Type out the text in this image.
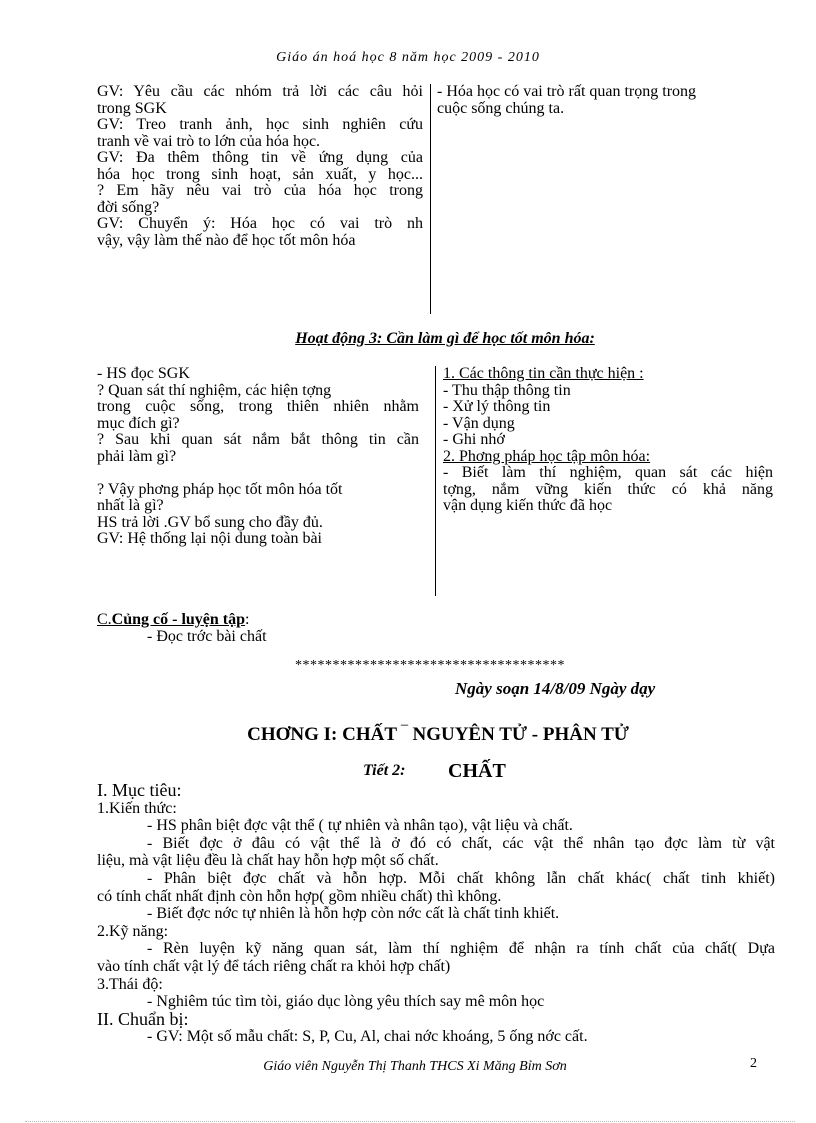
Giáo án hoá học 8 năm học 2009 - 2010
GV: Yêu cầu các nhóm trả lời các câu hỏi
trong SGK
GV: Treo tranh ảnh, học sinh nghiên cứu
tranh về vai trò to lớn của hóa học.
GV: Đa thêm thông tin về ứng dụng của
hóa học trong sinh hoạt, sản xuất, y học...
? Em hãy nêu vai trò của hóa học trong
đời sống?
GV: Chuyển ý: Hóa học có vai trò nh
vậy, vậy làm thế nào để học tốt môn hóa
- Hóa học có vai trò rất quan trọng trong
cuộc sống chúng ta.
Hoạt động 3: Cần làm gì để học tốt môn hóa:
- HS đọc SGK
? Quan sát thí nghiệm, các hiện tợng
trong cuộc sống, trong thiên nhiên nhằm
mục đích gì?
? Sau khi quan sát nắm bắt thông tin cần
phải làm gì?
? Vậy phơng pháp học tốt môn hóa tốt
nhất là gì?
HS trả lời .GV bổ sung cho đầy đủ.
GV: Hệ thống lại nội dung toàn bài
1. Các thông tin cần thực hiện :
- Thu thập thông tin
- Xử lý thông tin
- Vận dụng
- Ghi nhớ
2. Phơng pháp học tập môn hóa:
- Biết làm thí nghiệm, quan sát các hiện
tợng, nắm vững kiến thức có khả năng
vận dụng kiến thức đã học
C.Củng cố - luyện tập:
- Đọc trớc bài chất
************************************
Ngày soạn 14/8/09 Ngày dạy
CHƠNG I: CHẤT ‾ NGUYÊN TỬ - PHÂN TỬ
Tiết 2: CHẤT
I. Mục tiêu:
1.Kiến thức:
- HS phân biệt đợc vật thể ( tự nhiên và nhân tạo), vật liệu và chất.
- Biết đợc ở đâu có vật thể là ở đó có chất, các vật thể nhân tạo đợc làm từ vật
liệu, mà vật liệu đều là chất hay hỗn hợp một số chất.
- Phân biệt đợc chất và hỗn hợp. Mỗi chất không lẫn chất khác( chất tinh khiết)
có tính chất nhất định còn hỗn hợp( gồm nhiều chất) thì không.
- Biết đợc nớc tự nhiên là hỗn hợp còn nớc cất là chất tinh khiết.
2.Kỹ năng:
- Rèn luyện kỹ năng quan sát, làm thí nghiệm để nhận ra tính chất của chất( Dựa
vào tính chất vật lý để tách riêng chất ra khỏi hợp chất)
3.Thái độ:
- Nghiêm túc tìm tòi, giáo dục lòng yêu thích say mê môn học
II. Chuẩn bị:
- GV: Một số mẫu chất: S, P, Cu, Al, chai nớc khoáng, 5 ống nớc cất.
Giáo viên Nguyễn Thị Thanh THCS Xi Măng Bỉm Sơn	2
